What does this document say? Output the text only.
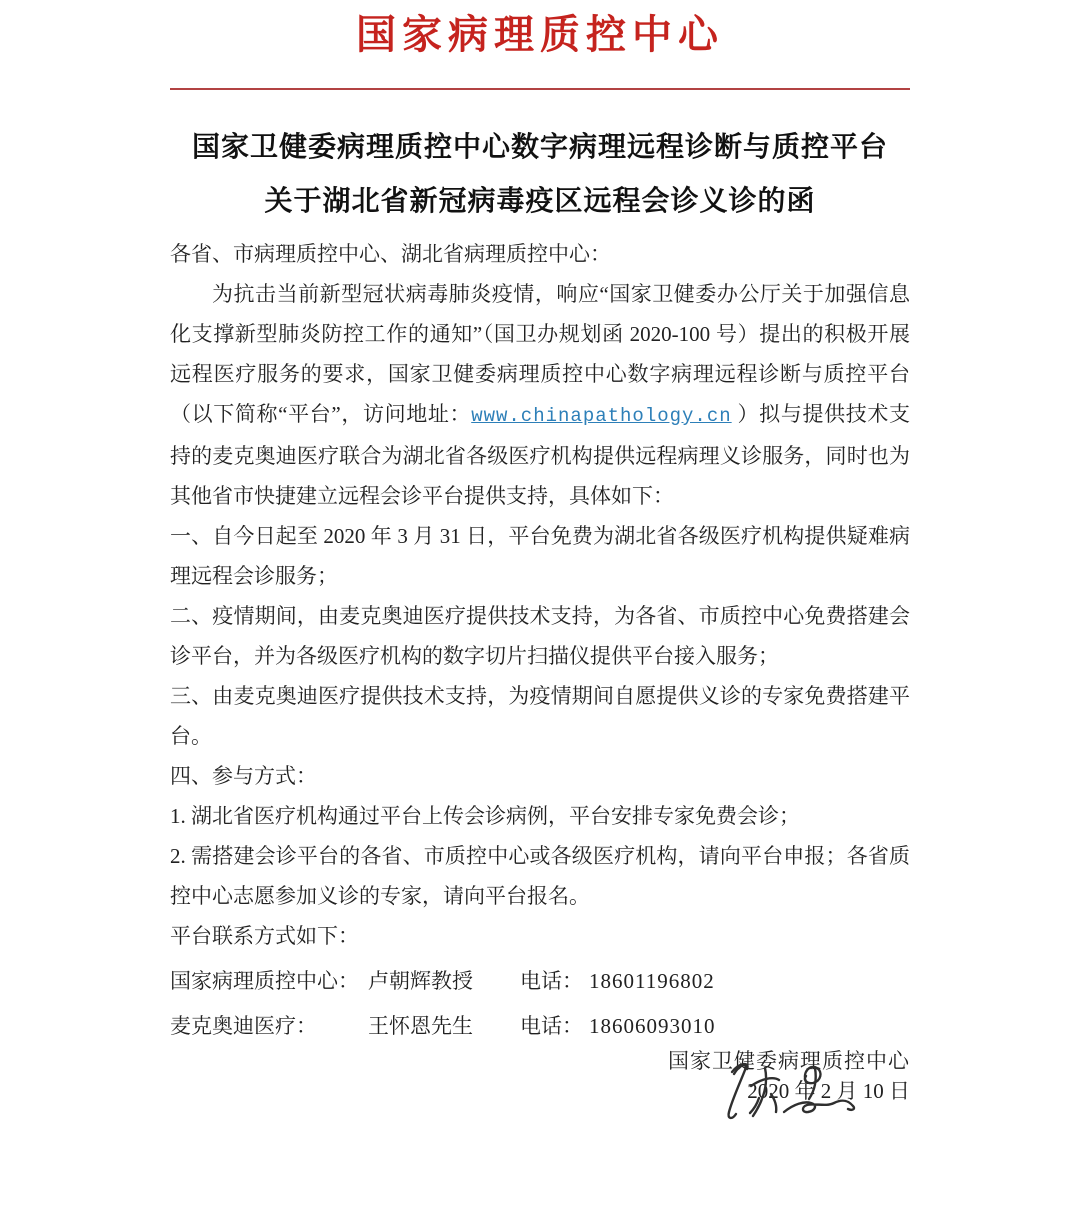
国家病理质控中心
国家卫健委病理质控中心数字病理远程诊断与质控平台
关于湖北省新冠病毒疫区远程会诊义诊的函

各省、市病理质控中心、湖北省病理质控中心：

为抗击当前新型冠状病毒肺炎疫情，响应“国家卫健委办公厅关于加强信息化支撑新型肺炎防控工作的通知”（国卫办规划函 2020-100 号）提出的积极开展远程医疗服务的要求，国家卫健委病理质控中心数字病理远程诊断与质控平台（以下简称“平台”，访问地址：www.chinapathology.cn ）拟与提供技术支持的麦克奥迪医疗联合为湖北省各级医疗机构提供远程病理义诊服务，同时也为其他省市快捷建立远程会诊平台提供支持，具体如下：

一、自今日起至 2020 年 3 月 31 日，平台免费为湖北省各级医疗机构提供疑难病理远程会诊服务；

二、疫情期间，由麦克奥迪医疗提供技术支持，为各省、市质控中心免费搭建会诊平台，并为各级医疗机构的数字切片扫描仪提供平台接入服务；

三、由麦克奥迪医疗提供技术支持，为疫情期间自愿提供义诊的专家免费搭建平台。

四、参与方式：

1. 湖北省医疗机构通过平台上传会诊病例，平台安排专家免费会诊；

2. 需搭建会诊平台的各省、市质控中心或各级医疗机构，请向平台申报；各省质控中心志愿参加义诊的专家，请向平台报名。

平台联系方式如下：

国家病理质控中心： 卢朝辉教授	电话： 18601196802
麦克奥迪医疗：	王怀恩先生	电话： 18606093010

国家卫健委病理质控中心

2020 年 2 月 10 日
